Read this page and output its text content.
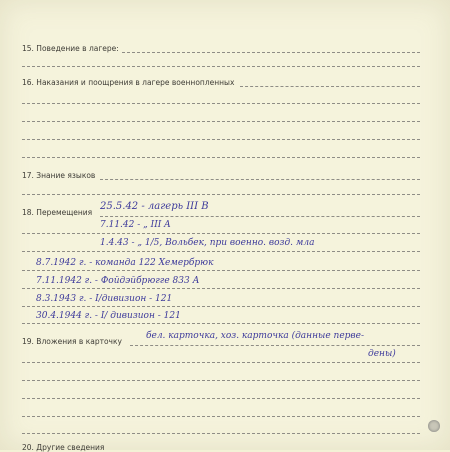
15. Поведение в лагере:
16. Наказания и поощрения в лагере военнопленных
17. Знание языков
18. Перемещения
25.5.42 - лагерь III B
7.11.42 - „ III A
1.4.43 - „ 1/5, Вольбек, при военно. возд. мла
8.7.1942 г. - команда 122 Хемербрюк
7.11.1942 г. - Фойдэйбрюгге 833 А
8.3.1943 г. - I/дивизион - 121
30.4.1944 г. - I/ дивизион - 121
19. Вложения в карточку
бел. карточка, хоз. карточка (данные перве-
дены)
20. Другие сведения
